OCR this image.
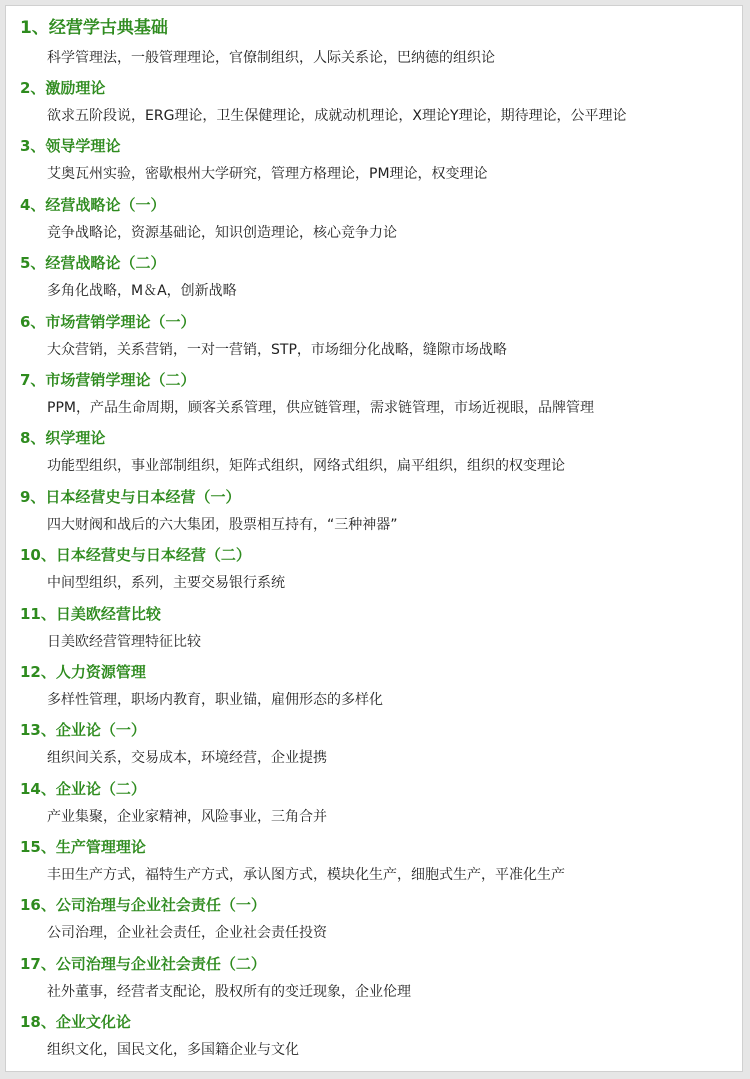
1、经营学古典基础
科学管理法，一般管理理论，官僚制组织，人际关系论，巴纳德的组织论
2、激励理论
欲求五阶段说，ERG理论，卫生保健理论，成就动机理论，X理论Y理论，期待理论，公平理论
3、领导学理论
艾奥瓦州实验，密歇根州大学研究，管理方格理论，PM理论，权变理论
4、经营战略论（一）
竞争战略论，资源基础论，知识创造理论，核心竞争力论
5、经营战略论（二）
多角化战略，M＆A，创新战略
6、市场营销学理论（一）
大众营销，关系营销，一对一营销，STP，市场细分化战略，缝隙市场战略
7、市场营销学理论（二）
PPM，产品生命周期，顾客关系管理，供应链管理，需求链管理，市场近视眼，品牌管理
8、织学理论
功能型组织，事业部制组织，矩阵式组织，网络式组织，扁平组织，组织的权变理论
9、日本经营史与日本经营（一）
四大财阀和战后的六大集团，股票相互持有，“三种神器”
10、日本经营史与日本经营（二）
中间型组织，系列，主要交易银行系统
11、日美欧经营比较
日美欧经营管理特征比较
12、人力资源管理
多样性管理，职场内教育，职业锚，雇佣形态的多样化
13、企业论（一）
组织间关系，交易成本，环境经营，企业提携
14、企业论（二）
产业集聚，企业家精神，风险事业，三角合并
15、生产管理理论
丰田生产方式，福特生产方式，承认图方式，模块化生产，细胞式生产，平准化生产
16、公司治理与企业社会责任（一）
公司治理，企业社会责任，企业社会责任投资
17、公司治理与企业社会责任（二）
社外董事，经营者支配论，股权所有的变迁现象，企业伦理
18、企业文化论
组织文化，国民文化，多国籍企业与文化
